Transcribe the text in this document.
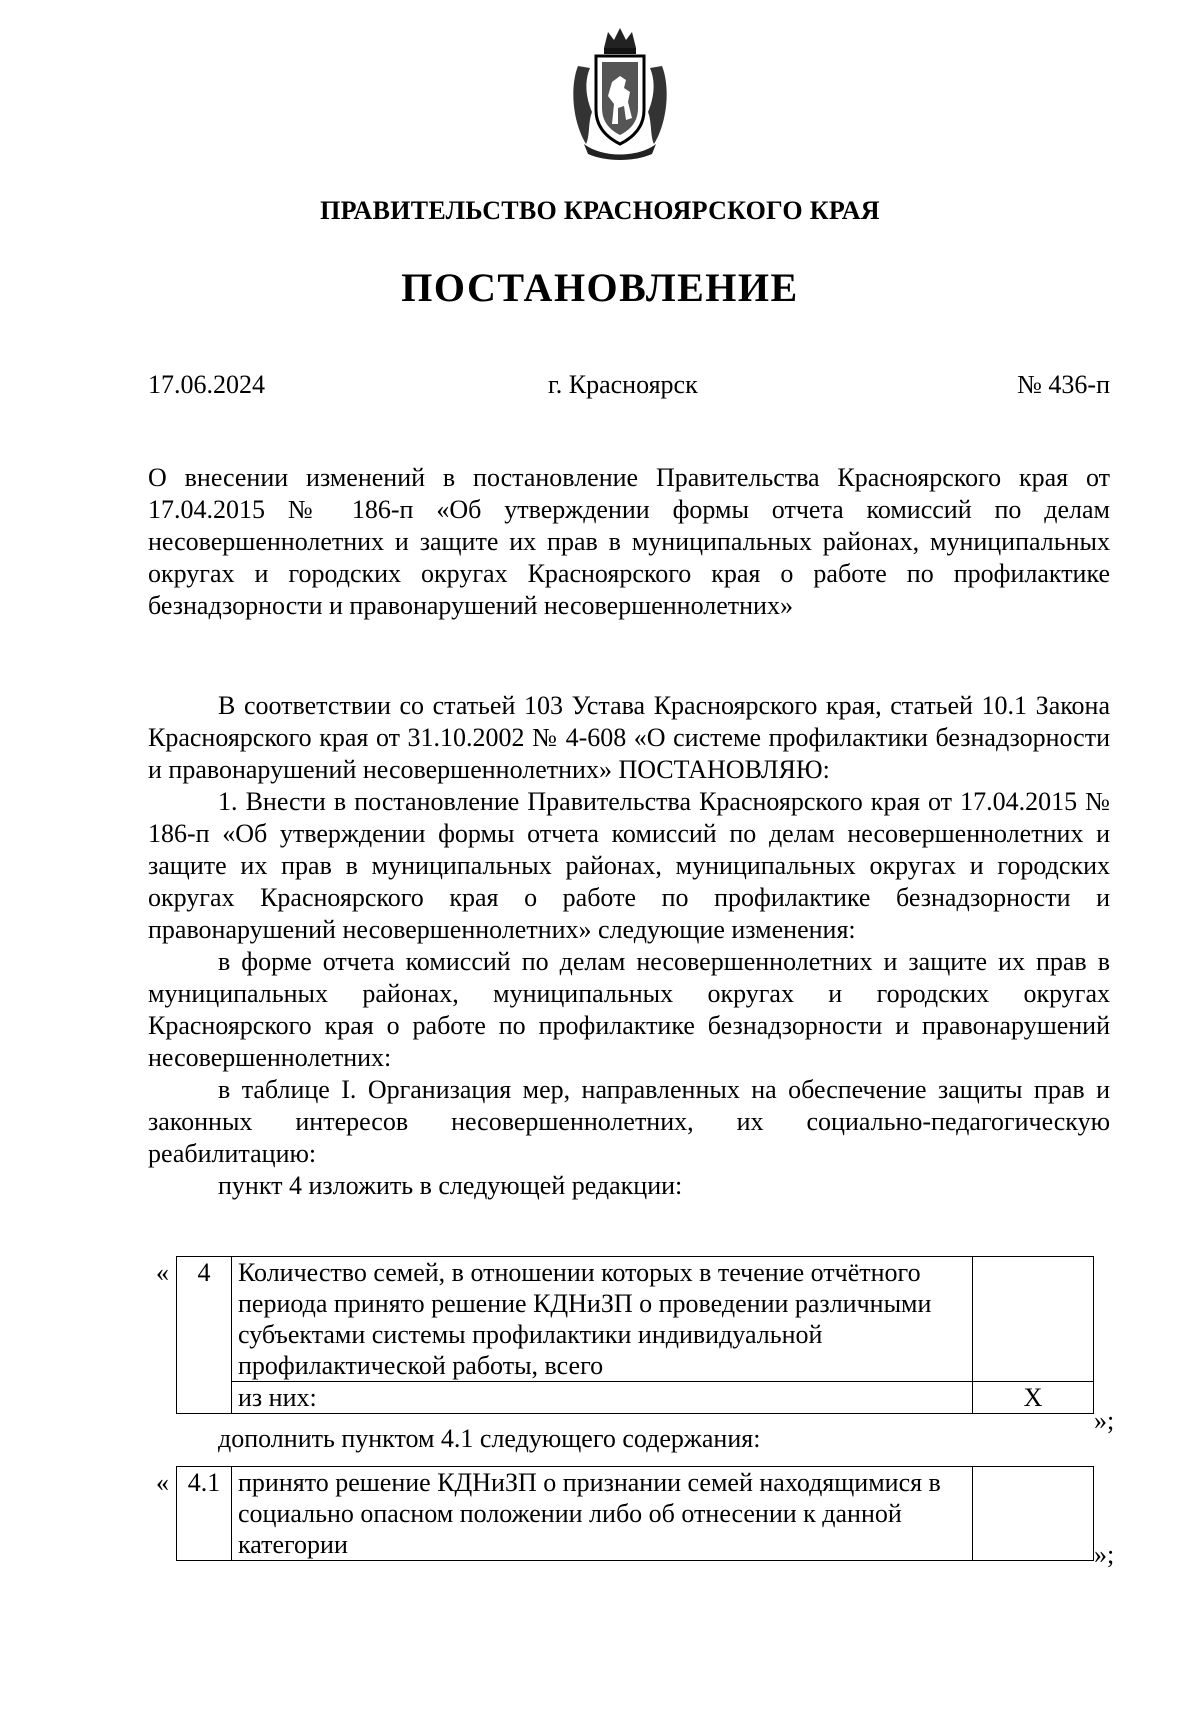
ПРАВИТЕЛЬСТВО КРАСНОЯРСКОГО КРАЯ
ПОСТАНОВЛЕНИЕ
17.06.2024	г. Красноярск	№ 436-п

О внесении изменений в постановление Правительства Красноярского края от 17.04.2015 № 186-п «Об утверждении формы отчета комиссий по делам несовершеннолетних и защите их прав в муниципальных районах, муниципальных округах и городских округах Красноярского края о работе по профилактике безнадзорности и правонарушений несовершеннолетних»

В соответствии со статьей 103 Устава Красноярского края, статьей 10.1 Закона Красноярского края от 31.10.2002 № 4-608 «О системе профилактики безнадзорности и правонарушений несовершеннолетних» ПОСТАНОВЛЯЮ:

1. Внести в постановление Правительства Красноярского края от 17.04.2015 № 186-п «Об утверждении формы отчета комиссий по делам несовершеннолетних и защите их прав в муниципальных районах, муниципальных округах и городских округах Красноярского края о работе по профилактике безнадзорности и правонарушений несовершеннолетних» следующие изменения:

в форме отчета комиссий по делам несовершеннолетних и защите их прав в муниципальных районах, муниципальных округах и городских округах Красноярского края о работе по профилактике безнадзорности и правонарушений несовершеннолетних:

в таблице I. Организация мер, направленных на обеспечение защиты прав и законных интересов несовершеннолетних, их социально-педагогическую реабилитацию:

пункт 4 изложить в следующей редакции:

« 4	Количество семей, в отношении которых в течение отчётного периода принято решение КДНиЗП о проведении различными субъектами системы профилактики индивидуальной профилактической работы, всего	
	из них:	X
»;

дополнить пунктом 4.1 следующего содержания:

« 4.1	принято решение КДНиЗП о признании семей находящимися в социально опасном положении либо об отнесении к данной категории		»;
